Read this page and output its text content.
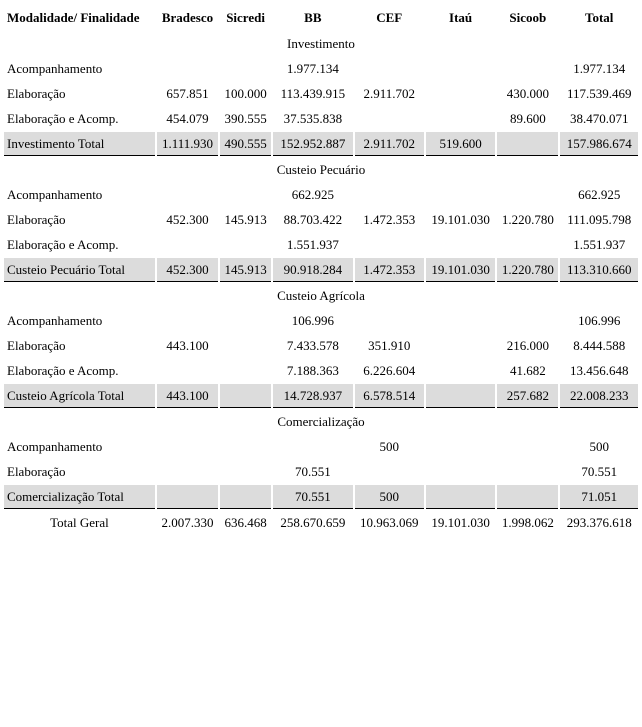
Modalidade/ Finalidade	Bradesco	Sicredi	BB	CEF	Itaú	Sicoob	Total
Investimento							
Acompanhamento			1.977.134				1.977.134
Elaboração	657.851	100.000	113.439.915	2.911.702		430.000	117.539.469
Elaboração e Acomp.	454.079	390.555	37.535.838			89.600	38.470.071
Investimento Total	1.111.930	490.555	152.952.887	2.911.702	519.600		157.986.674
Custeio Pecuário							
Acompanhamento			662.925				662.925
Elaboração	452.300	145.913	88.703.422	1.472.353	19.101.030	1.220.780	111.095.798
Elaboração e Acomp.			1.551.937				1.551.937
Custeio Pecuário Total	452.300	145.913	90.918.284	1.472.353	19.101.030	1.220.780	113.310.660
Custeio Agrícola							
Acompanhamento			106.996				106.996
Elaboração	443.100		7.433.578	351.910		216.000	8.444.588
Elaboração e Acomp.			7.188.363	6.226.604		41.682	13.456.648
Custeio Agrícola Total	443.100		14.728.937	6.578.514		257.682	22.008.233
Comercialização							
Acompanhamento				500			500
Elaboração			70.551				70.551
Comercialização Total			70.551	500			71.051
Total Geral	2.007.330	636.468	258.670.659	10.963.069	19.101.030	1.998.062	293.376.618
